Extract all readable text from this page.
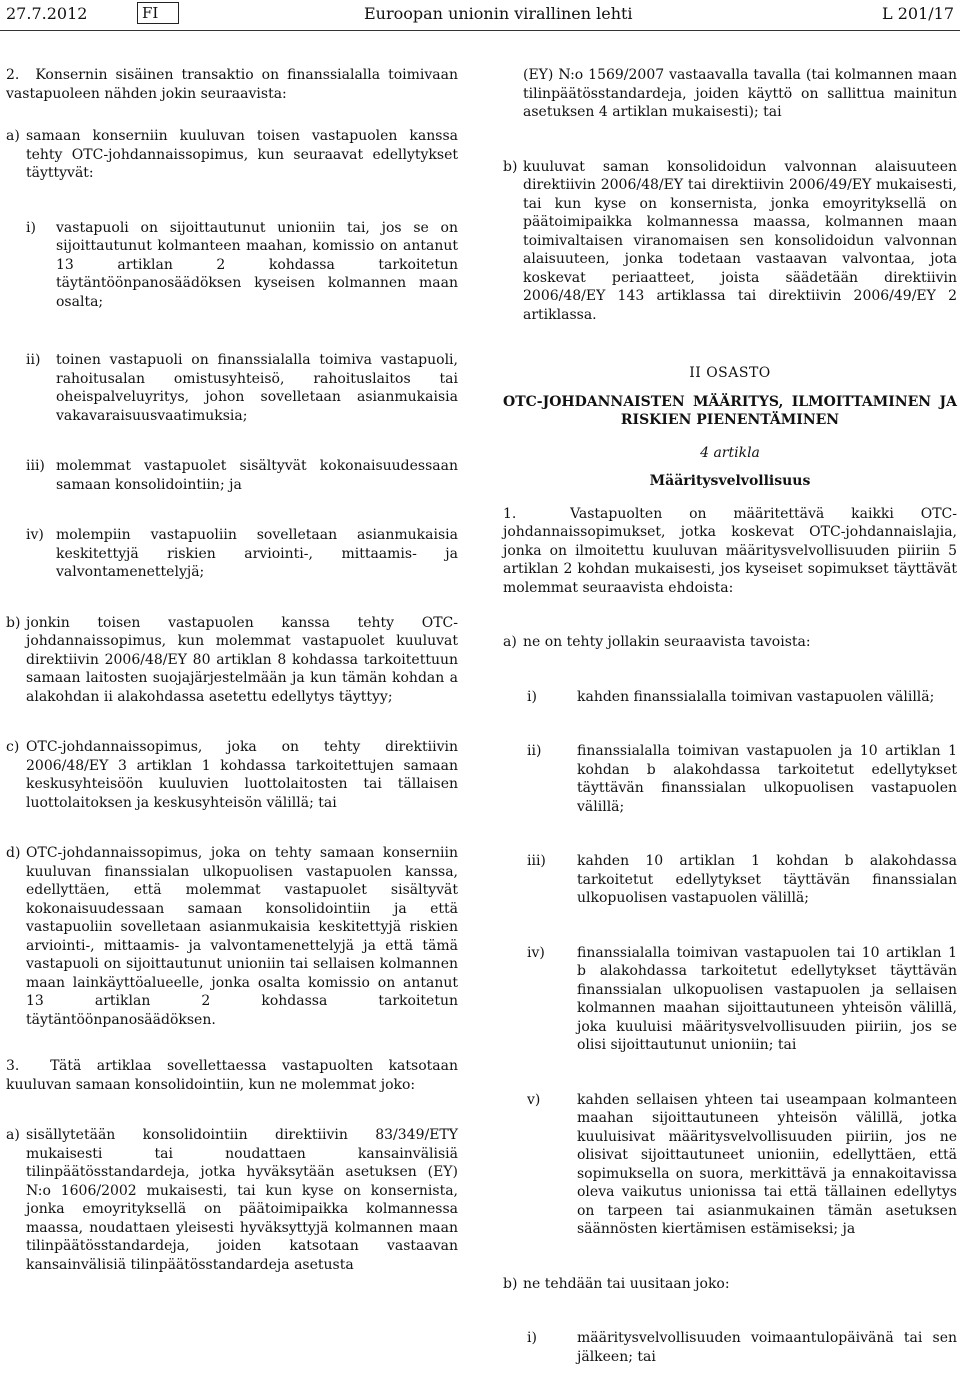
27.7.2012	FI	Euroopan unionin virallinen lehti	L 201/17

2. Konsernin sisäinen transaktio on finanssialalla toimivaan vastapuoleen nähden jokin seuraavista:

a) samaan konserniin kuuluvan toisen vastapuolen kanssa tehty OTC-johdannaissopimus, kun seuraavat edellytykset täyttyvät:
i)	vastapuoli on sijoittautunut unioniin tai, jos se on sijoittautunut kolmanteen maahan, komissio on antanut 13 artiklan 2 kohdassa tarkoitetun täytäntöönpanosäädöksen kyseisen kolmannen maan osalta;
ii)	toinen vastapuoli on finanssialalla toimiva vastapuoli, rahoitusalan omistusyhteisö, rahoituslaitos tai oheispalveluyritys, johon sovelletaan asianmukaisia vakavaraisuusvaatimuksia;
iii) molemmat vastapuolet sisältyvät kokonaisuudessaan samaan konsolidointiin; ja
iv) molempiin vastapuoliin sovelletaan asianmukaisia keskitettyjä riskien arviointi-, mittaamis- ja valvontamenettelyjä;
b) jonkin toisen vastapuolen kanssa tehty OTC-johdannaissopimus, kun molemmat vastapuolet kuuluvat direktiivin 2006/48/EY 80 artiklan 8 kohdassa tarkoitettuun samaan laitosten suojajärjestelmään ja kun tämän kohdan a alakohdan ii alakohdassa asetettu edellytys täyttyy;
c) OTC-johdannaissopimus, joka on tehty direktiivin 2006/48/EY 3 artiklan 1 kohdassa tarkoitettujen samaan keskusyhteisöön kuuluvien luottolaitosten tai tällaisen luottolaitoksen ja keskusyhteisön välillä; tai
d) OTC-johdannaissopimus, joka on tehty samaan konserniin kuuluvan finanssialan ulkopuolisen vastapuolen kanssa, edellyttäen, että molemmat vastapuolet sisältyvät kokonaisuudessaan samaan konsolidointiin ja että vastapuoliin sovelletaan asianmukaisia keskitettyjä riskien arviointi-, mittaamis- ja valvontamenettelyjä ja että tämä vastapuoli on sijoittautunut unioniin tai sellaisen kolmannen maan lainkäyttöalueelle, jonka osalta komissio on antanut 13 artiklan 2 kohdassa tarkoitetun täytäntöönpanosäädöksen.

3. Tätä artiklaa sovellettaessa vastapuolten katsotaan kuuluvan samaan konsolidointiin, kun ne molemmat joko:

a) sisällytetään konsolidointiin direktiivin 83/349/ETY mukaisesti tai noudattaen kansainvälisiä tilinpäätösstandardeja, jotka hyväksytään asetuksen (EY) N:o 1606/2002 mukaisesti, tai kun kyse on konsernista, jonka emoyrityksellä on päätoimipaikka kolmannessa maassa, noudattaen yleisesti hyväksyttyjä kolmannen maan tilinpäätösstandardeja, joiden katsotaan vastaavan kansainvälisiä tilinpäätösstandardeja asetusta

(EY) N:o 1569/2007 vastaavalla tavalla (tai kolmannen maan tilinpäätösstandardeja, joiden käyttö on sallittua mainitun asetuksen 4 artiklan mukaisesti); tai

b) kuuluvat saman konsolidoidun valvonnan alaisuuteen direktiivin 2006/48/EY tai direktiivin 2006/49/EY mukaisesti, tai kun kyse on konsernista, jonka emoyrityksellä on päätoimipaikka kolmannessa maassa, kolmannen maan toimivaltaisen viranomaisen sen konsolidoidun valvonnan alaisuuteen, jonka todetaan vastaavan valvontaa, jota koskevat periaatteet, joista säädetään direktiivin 2006/48/EY 143 artiklassa tai direktiivin 2006/49/EY 2 artiklassa.

II OSASTO

OTC-JOHDANNAISTEN MÄÄRITYS, ILMOITTAMINEN JA RISKIEN PIENENTÄMINEN

4 artikla

Määritysvelvollisuus

1.	Vastapuolten on määritettävä kaikki OTC-johdannaissopimukset, jotka koskevat OTC-johdannaislajia, jonka on ilmoitettu kuuluvan määritysvelvollisuuden piiriin 5 artiklan 2 kohdan mukaisesti, jos kyseiset sopimukset täyttävät molemmat seuraavista ehdoista:

a) ne on tehty jollakin seuraavista tavoista:
i)	kahden finanssialalla toimivan vastapuolen välillä;
ii)	finanssialalla toimivan vastapuolen ja 10 artiklan 1 kohdan b alakohdassa tarkoitetut edellytykset täyttävän finanssialan ulkopuolisen vastapuolen välillä;
iii)	kahden 10 artiklan 1 kohdan b alakohdassa tarkoitetut edellytykset täyttävän finanssialan ulkopuolisen vastapuolen välillä;
iv)	finanssialalla toimivan vastapuolen tai 10 artiklan 1 b alakohdassa tarkoitetut edellytykset täyttävän finanssialan ulkopuolisen vastapuolen ja sellaisen kolmannen maahan sijoittautuneen yhteisön välillä, joka kuuluisi määritysvelvollisuuden piiriin, jos se olisi sijoittautunut unioniin; tai
v)	kahden sellaisen yhteen tai useampaan kolmanteen maahan sijoittautuneen yhteisön välillä, jotka kuuluisivat määritysvelvollisuuden piiriin, jos ne olisivat sijoittautuneet unioniin, edellyttäen, että sopimuksella on suora, merkittävä ja ennakoitavissa oleva vaikutus unionissa tai että tällainen edellytys on tarpeen tai asianmukainen tämän asetuksen säännösten kiertämisen estämiseksi; ja
b) ne tehdään tai uusitaan joko:
i)	määritysvelvollisuuden voimaantulopäivänä tai sen jälkeen; tai
